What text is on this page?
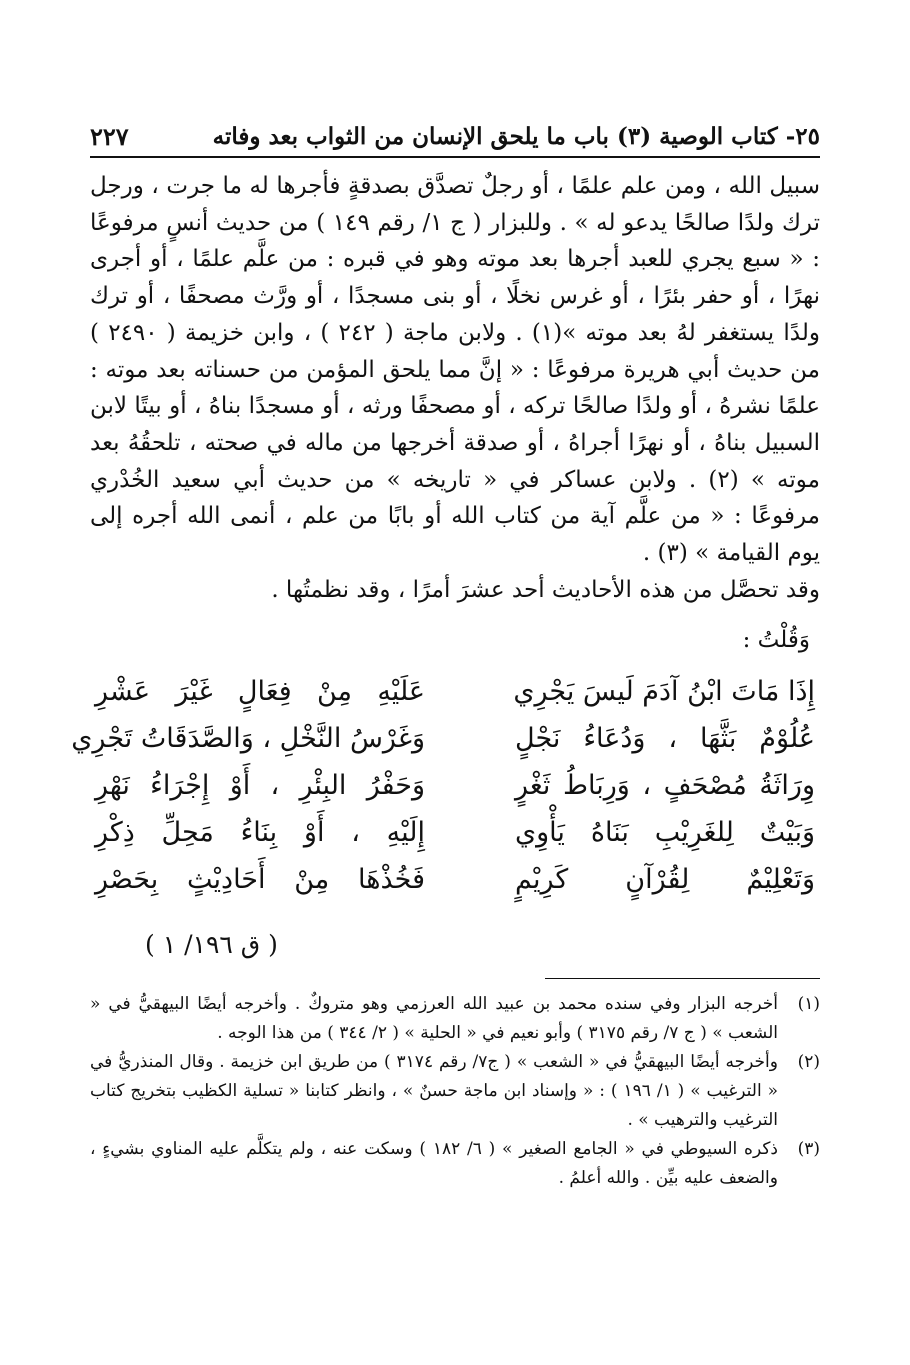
٢٥- كتاب الوصية (٣) باب ما يلحق الإنسان من الثواب بعد وفاته
٢٢٧

سبيل الله ، ومن علم علمًا ، أو رجلٌ تصدَّق بصدقةٍ فأجرها له ما جرت ، ورجل ترك ولدًا صالحًا يدعو له » . وللبزار ( ج ١/ رقم ١٤٩ ) من حديث أنسٍ مرفوعًا : « سبع يجري للعبد أجرها بعد موته وهو في قبره : من علَّم علمًا ، أو أجرى نهرًا ، أو حفر بئرًا ، أو غرس نخلًا ، أو بنى مسجدًا ، أو ورَّث مصحفًا ، أو ترك ولدًا يستغفر لهُ بعد موته »(١) . ولابن ماجة ( ٢٤٢ ) ، وابن خزيمة ( ٢٤٩٠ ) من حديث أبي هريرة مرفوعًا : « إنَّ مما يلحق المؤمن من حسناته بعد موته : علمًا نشرهُ ، أو ولدًا صالحًا تركه ، أو مصحفًا ورثه ، أو مسجدًا بناهُ ، أو بيتًا لابن السبيل بناهُ ، أو نهرًا أجراهُ ، أو صدقة أخرجها من ماله في صحته ، تلحقُهُ بعد موته » (٢) . ولابن عساكر في « تاريخه » من حديث أبي سعيد الخُدْري مرفوعًا : « من علَّم آية من كتاب الله أو بابًا من علم ، أنمى الله أجره إلى يوم القيامة » (٣) .

وقد تحصَّل من هذه الأحاديث أحد عشرَ أمرًا ، وقد نظمتُها .

وَقُلْتُ :
إِذَا مَاتَ ابْنُ آدَمَ لَيسَ يَجْرِي
عَلَيْهِ مِنْ فِعَالٍ غَيْرَ عَشْرِ
عُلُوْمٌ بَثَّهَا ، وَدُعَاءُ نَجْلٍ
وَغَرْسُ النَّخْلِ ، وَالصَّدَقَاتُ تَجْرِي
وِرَاثَةُ مُصْحَفٍ ، وَرِبَاطُ ثَغْرٍ
وَحَفْرُ البِئْرِ ، أَوْ إِجْرَاءُ نَهْرِ
وَبَيْتٌ لِلغَرِيْبِ بَنَاهُ يَأْوِي
إِلَيْهِ ، أَوْ بِنَاءُ مَحِلِّ ذِكْرِ
وَتَعْلِيْمٌ لِقُرْآنٍ كَرِيْمٍ
فَخُذْهَا مِنْ أَحَادِيْثٍ بِحَصْرِ
( ق ١٩٦/ ١ )
(١)
أخرجه البزار وفي سنده محمد بن عبيد الله العرزمي وهو متروكٌ . وأخرجه أيضًا البيهقيُّ في « الشعب » ( ج ٧/ رقم ٣١٧٥ ) وأبو نعيم في « الحلية » ( ٢/ ٣٤٤ ) من هذا الوجه .
(٢)
وأخرجه أيضًا البيهقيُّ في « الشعب » ( ج٧/ رقم ٣١٧٤ ) من طريق ابن خزيمة . وقال المنذريُّ في « الترغيب » ( ١/ ١٩٦ ) : « وإسناد ابن ماجة حسنٌ » ، وانظر كتابنا « تسلية الكظيب بتخريج كتاب الترغيب والترهيب » .
(٣)
ذكره السيوطي في « الجامع الصغير » ( ٦/ ١٨٢ ) وسكت عنه ، ولم يتكلَّم عليه المناوي بشيءٍ ، والضعف عليه بيِّن . والله أعلمُ .
